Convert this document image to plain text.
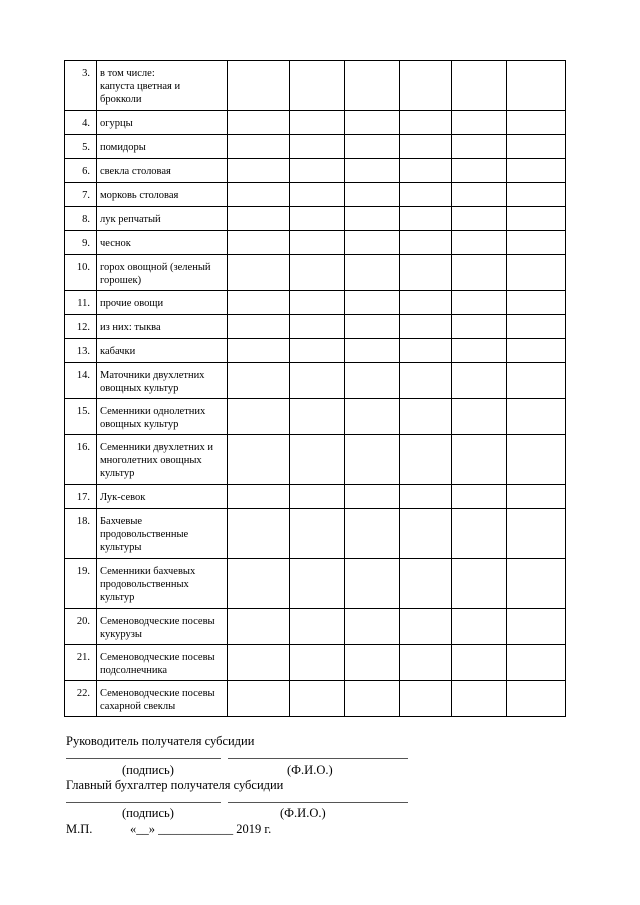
3.	в том числе:
капуста цветная и
брокколи						

4.	огурцы						

5.	помидоры						

6.	свекла столовая						

7.	морковь столовая						

8.	лук репчатый						

9.	чеснок						

10.	горох овощной (зеленый
горошек)						

11.	прочие овощи						

12.	из них: тыква						

13.	кабачки						

14.	Маточники двухлетних
овощных культур						

15.	Семенники однолетних
овощных культур						

16.	Семенники двухлетних и
многолетних овощных
культур						

17.	Лук-севок						

18.	Бахчевые
продовольственные
культуры						

19.	Семенники бахчевых
продовольственных
культур						

20.	Семеноводческие посевы
кукурузы						

21.	Семеноводческие посевы
подсолнечника						

22.	Семеноводческие посевы
сахарной свеклы						

Руководитель получателя субсидии
(подпись)	(Ф.И.О.)
Главный бухгалтер получателя субсидии
(подпись)	(Ф.И.О.)
М.П.	«__» ____________ 2019 г.
